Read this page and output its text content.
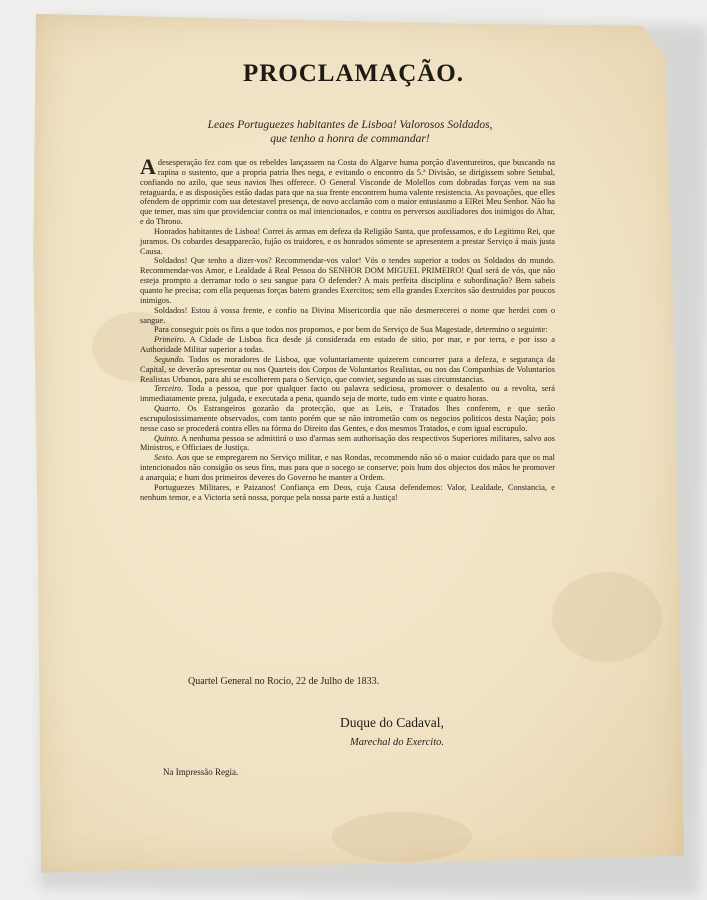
PROCLAMAÇÃO.
Leaes Portuguezes habitantes de Lisboa! Valorosos Soldados,
que tenho a honra de commandar!

A desesperação fez com que os rebeldes lançassem na Costa do Algarve huma porção d'aventureiros, que buscando na rapina o sustento, que a propria patria lhes nega, e evitando o encontro da 5.ª Divisão, se dirigissem sobre Setubal, confiando no azilo, que seus navios lhes offerece. O General Visconde de Molellos com dobradas forças vem na sua retaguarda, e as disposições estão dadas para que na sua frente encontrem huma valente resistencia. As povoações, que elles ofendem de opprimir com sua detestavel presença, de novo acclamão com o maior entusiasmo a ElRei Meu Senhor. Não ha que temer, mas sim que providenciar contra os mal intencionados, e contra os perversos auxiliadores dos inimigos do Altar, e do Throno.

Honrados habitantes de Lisboa! Correi ás armas em defeza da Religião Santa, que professamos, e do Legitimo Rei, que juramos. Os cobardes desapparecão, fujão os traidores, e os honrados sómente se apresentem a prestar Serviço á mais justa Causa.

Soldados! Que tenho a dizer-vos? Recommendar-vos valor! Vós o tendes superior a todos os Soldados do mundo. Recommendar-vos Amor, e Lealdade á Real Pessoa do SENHOR DOM MIGUEL PRIMEIRO! Qual será de vós, que não esteja prompto a derramar todo o seu sangue para O defender? A mais perfeita disciplina e subordinação? Bem sabeis quanto he precisa; com ella pequenas forças batem grandes Exercitos; sem ella grandes Exercitos são destruidos por poucos inimigos.

Soldados! Estou á vossa frente, e confio na Divina Misericordia que não desmerecerei o nome que herdei com o sangue.

Para conseguir pois os fins a que todos nos propomos, e por bem do Serviço de Sua Magestade, determino o seguinte:

Primeiro. A Cidade de Lisboa fica desde já considerada em estado de sitio, por mar, e por terra, e por isso a Authoridade Militar superior a todas.

Segundo. Todos os moradores de Lisboa, que voluntariamente quizerem concorrer para a defeza, e segurança da Capital, se deverão apresentar ou nos Quarteis dos Corpos de Voluntarios Realistas, ou nos das Companhias de Voluntarios Realistas Urbanos, para ahi se escolherem para o Serviço, que convier, segundo as suas circumstancias.

Terceiro. Toda a pessoa, que por qualquer facto ou palavra sediciosa, promover o desalento ou a revolta, será immediatamente preza, julgada, e executada a pena, quando seja de morte, tudo em vinte e quatro horas.

Quarto. Os Estrangeiros gozarão da protecção, que as Leis, e Tratados lhes conferem, e que serão escrupulosissimamente observados, com tanto porém que se não intrometão com os negocios politicos desta Nação; pois nesse caso se procederá contra elles na fórma do Direito das Gentes, e dos mesmos Tratados, e com igual escrupulo.

Quinto. A nenhuma pessoa se admittirá o uso d'armas sem authorisação dos respectivos Superiores militares, salvo aos Ministros, e Officiaes de Justiça.

Sexto. Aos que se empregarem no Serviço militar, e nas Rondas, recommendo não só o maior cuidado para que os mal intencionados não consigão os seus fins, mas para que o socego se conserve; pois hum dos objectos dos mãos he promover a anarquia; e hum dos primeiros deveres do Governo he manter a Ordem.

Portuguezes Militares, e Paizanos! Confiança em Deos, cuja Causa defendemos: Valor, Lealdade, Constancia, e nenhum temor, e a Victoria será nossa, porque pela nossa parte está a Justiça!

Quartel General no Rocio, 22 de Julho de 1833.
Duque do Cadaval,
Marechal do Exercito.
Na Impressão Regia.
